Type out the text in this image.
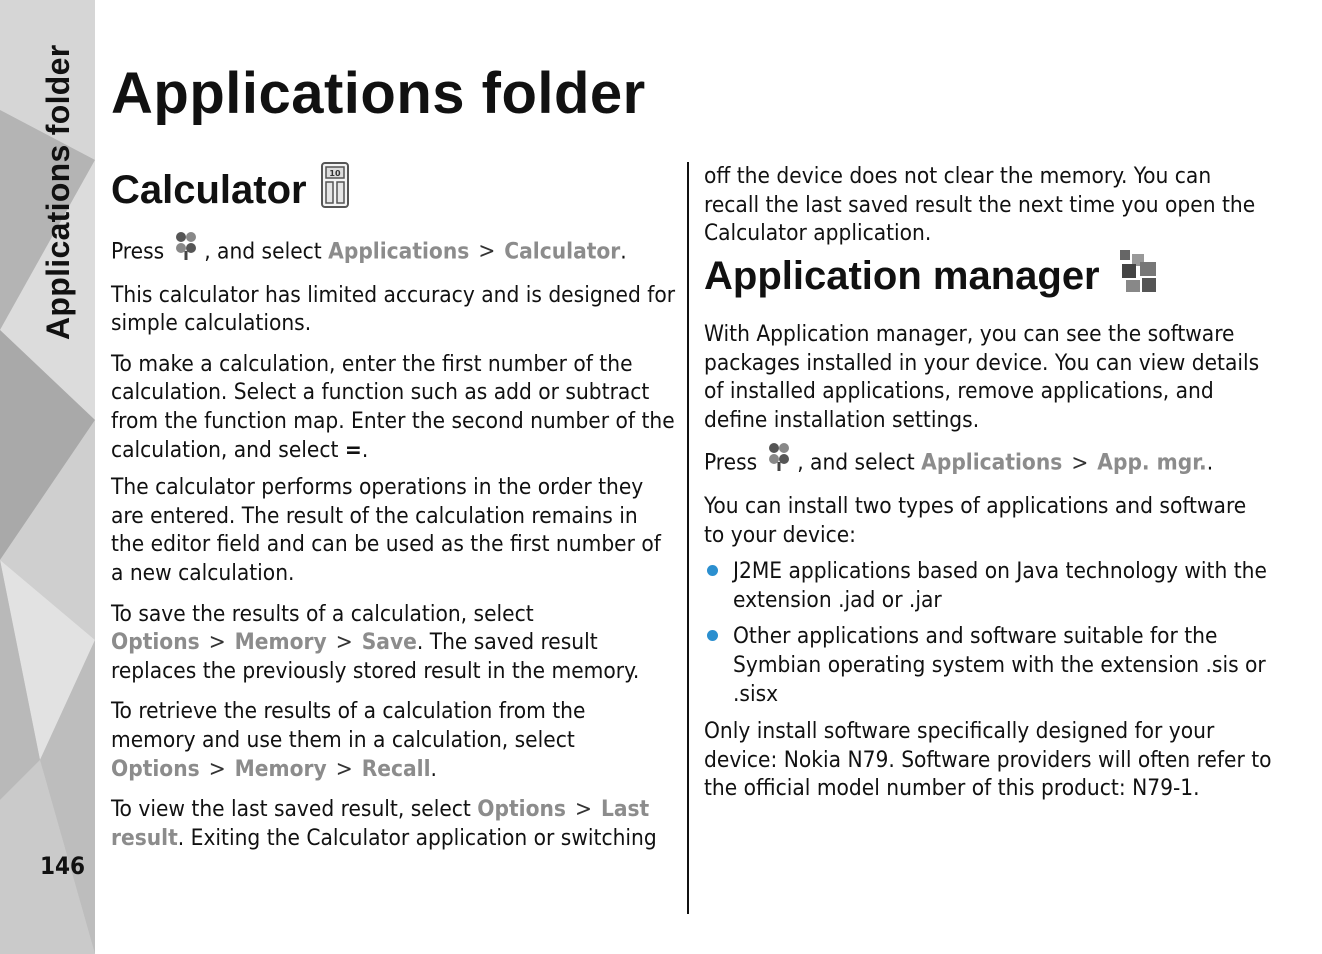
Applications folder
146
Applications folder
Calculator	10

Press , and select Applications > Calculator.

This calculator has limited accuracy and is designed for simple calculations.

To make a calculation, enter the first number of the calculation. Select a function such as add or subtract from the function map. Enter the second number of the calculation, and select =.

The calculator performs operations in the order they are entered. The result of the calculation remains in the editor field and can be used as the first number of a new calculation.

To save the results of a calculation, select Options > Memory > Save. The saved result replaces the previously stored result in the memory.

To retrieve the results of a calculation from the memory and use them in a calculation, select Options > Memory > Recall.

To view the last saved result, select Options > Last result. Exiting the Calculator application or switching

Application manager

With Application manager, you can see the software packages installed in your device. You can view details of installed applications, remove applications, and define installation settings.

Press , and select Applications > App. mgr..

You can install two types of applications and software to your device:

J2ME applications based on Java technology with the extension .jad or .jar
Other applications and software suitable for the Symbian operating system with the extension .sis or .sisx

Only install software specifically designed for your device: Nokia N79. Software providers will often refer to the official model number of this product: N79-1.

off the device does not clear the memory. You can recall the last saved result the next time you open the Calculator application.
